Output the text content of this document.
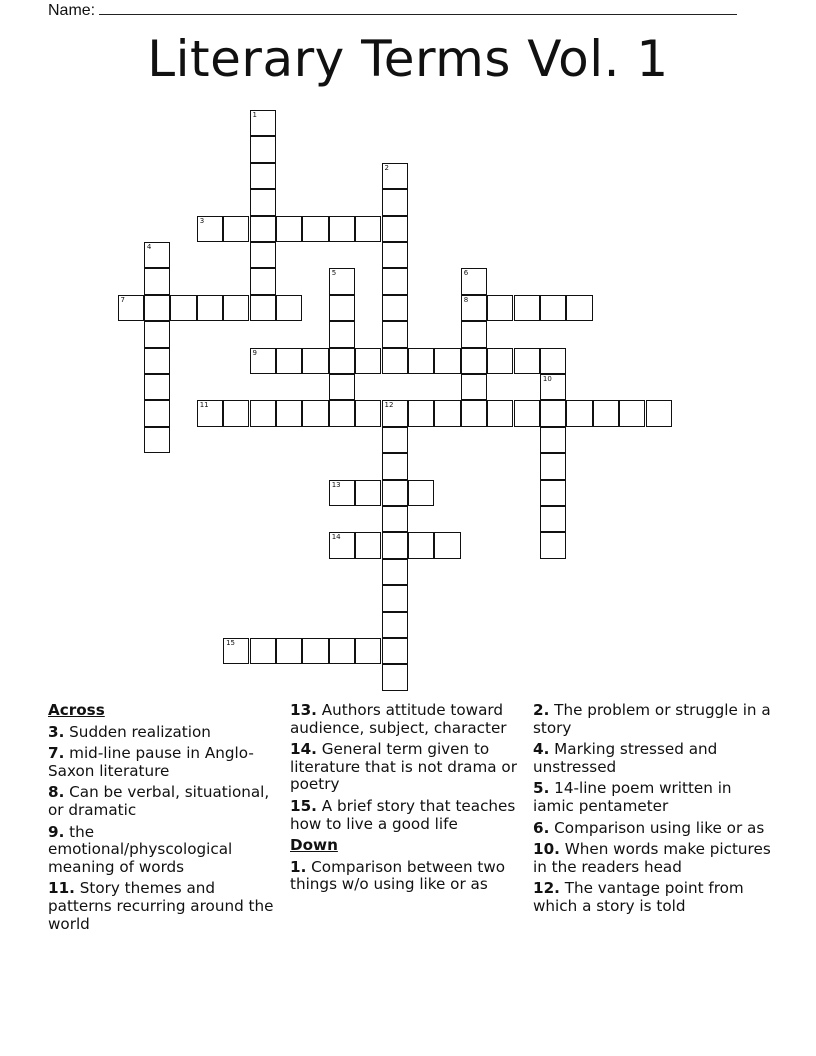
Name:
Literary Terms Vol. 1
3
7	8
9
11	12
13
14
15
1
2
4
5	6
10
Across
3. Sudden realization
7. mid-line pause in Anglo-Saxon literature
8. Can be verbal, situational, or dramatic
9. the emotional/physcological meaning of words
11. Story themes and patterns recurring around the world
13. Authors attitude toward audience, subject, character
14. General term given to literature that is not drama or poetry
15. A brief story that teaches how to live a good life
Down
1. Comparison between two things w/o using like or as
2. The problem or struggle in a story
4. Marking stressed and unstressed
5. 14-line poem written in iamic pentameter
6. Comparison using like or as
10. When words make pictures in the readers head
12. The vantage point from which a story is told
